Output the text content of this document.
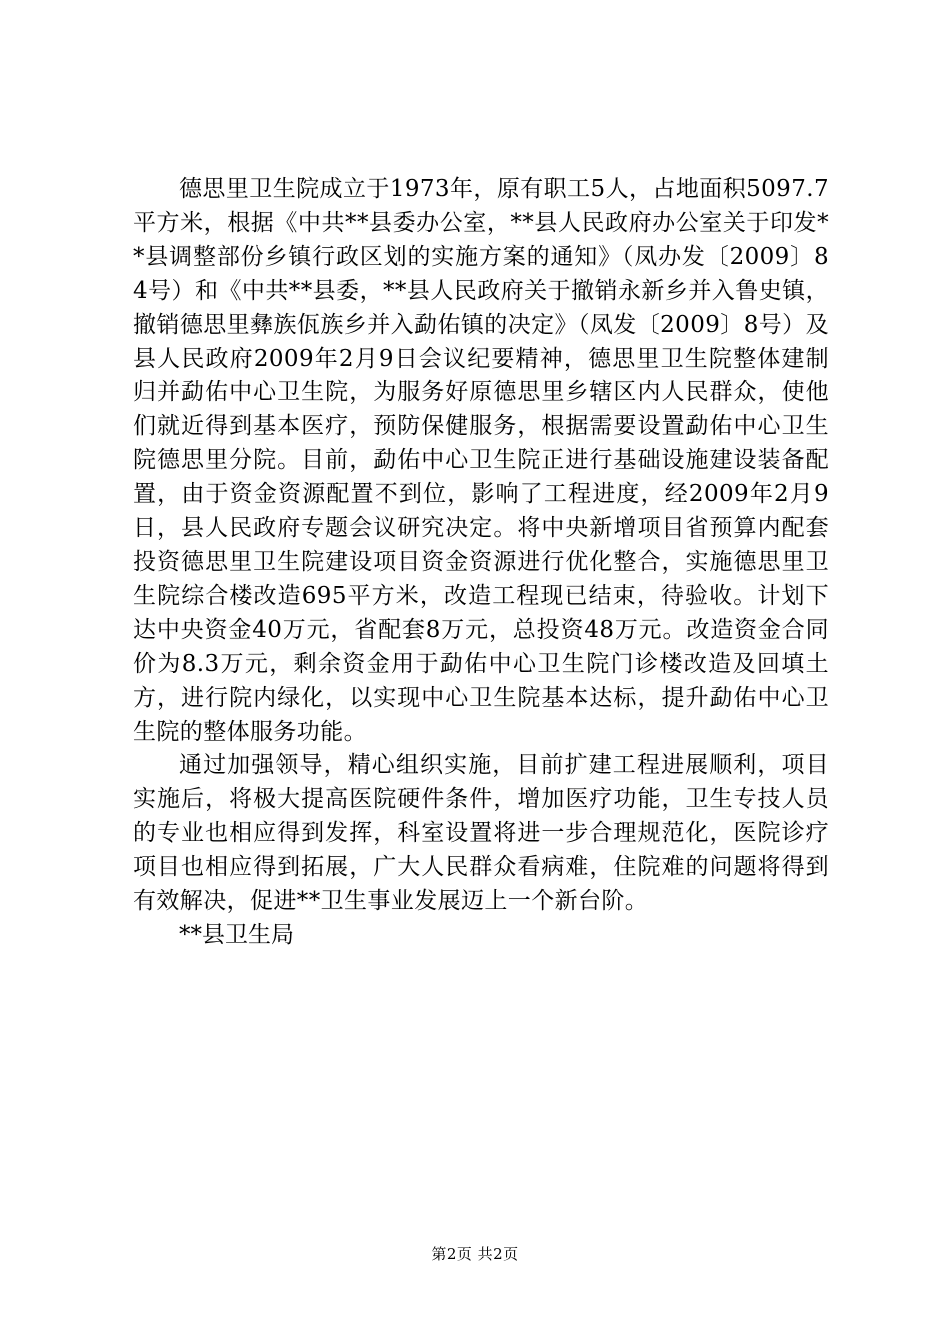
德思里卫生院成立于1973年，原有职工5人，占地面积5097.7平方米，根据《中共**县委办公室，**县人民政府办公室关于印发**县调整部份乡镇行政区划的实施方案的通知》（凤办发〔2009〕84号）和《中共**县委，**县人民政府关于撤销永新乡并入鲁史镇，撤销德思里彝族佤族乡并入勐佑镇的决定》（凤发〔2009〕8号）及县人民政府2009年2月9日会议纪要精神，德思里卫生院整体建制归并勐佑中心卫生院，为服务好原德思里乡辖区内人民群众，使他们就近得到基本医疗，预防保健服务，根据需要设置勐佑中心卫生院德思里分院。目前，勐佑中心卫生院正进行基础设施建设装备配置，由于资金资源配置不到位，影响了工程进度，经2009年2月9日，县人民政府专题会议研究决定。将中央新增项目省预算内配套投资德思里卫生院建设项目资金资源进行优化整合，实施德思里卫生院综合楼改造695平方米，改造工程现已结束，待验收。计划下达中央资金40万元，省配套8万元，总投资48万元。改造资金合同价为8.3万元，剩余资金用于勐佑中心卫生院门诊楼改造及回填土方，进行院内绿化，以实现中心卫生院基本达标，提升勐佑中心卫生院的整体服务功能。

通过加强领导，精心组织实施，目前扩建工程进展顺利，项目实施后，将极大提高医院硬件条件，增加医疗功能，卫生专技人员的专业也相应得到发挥，科室设置将进一步合理规范化，医院诊疗项目也相应得到拓展，广大人民群众看病难，住院难的问题将得到有效解决，促进**卫生事业发展迈上一个新台阶。

**县卫生局

第2页 共2页
